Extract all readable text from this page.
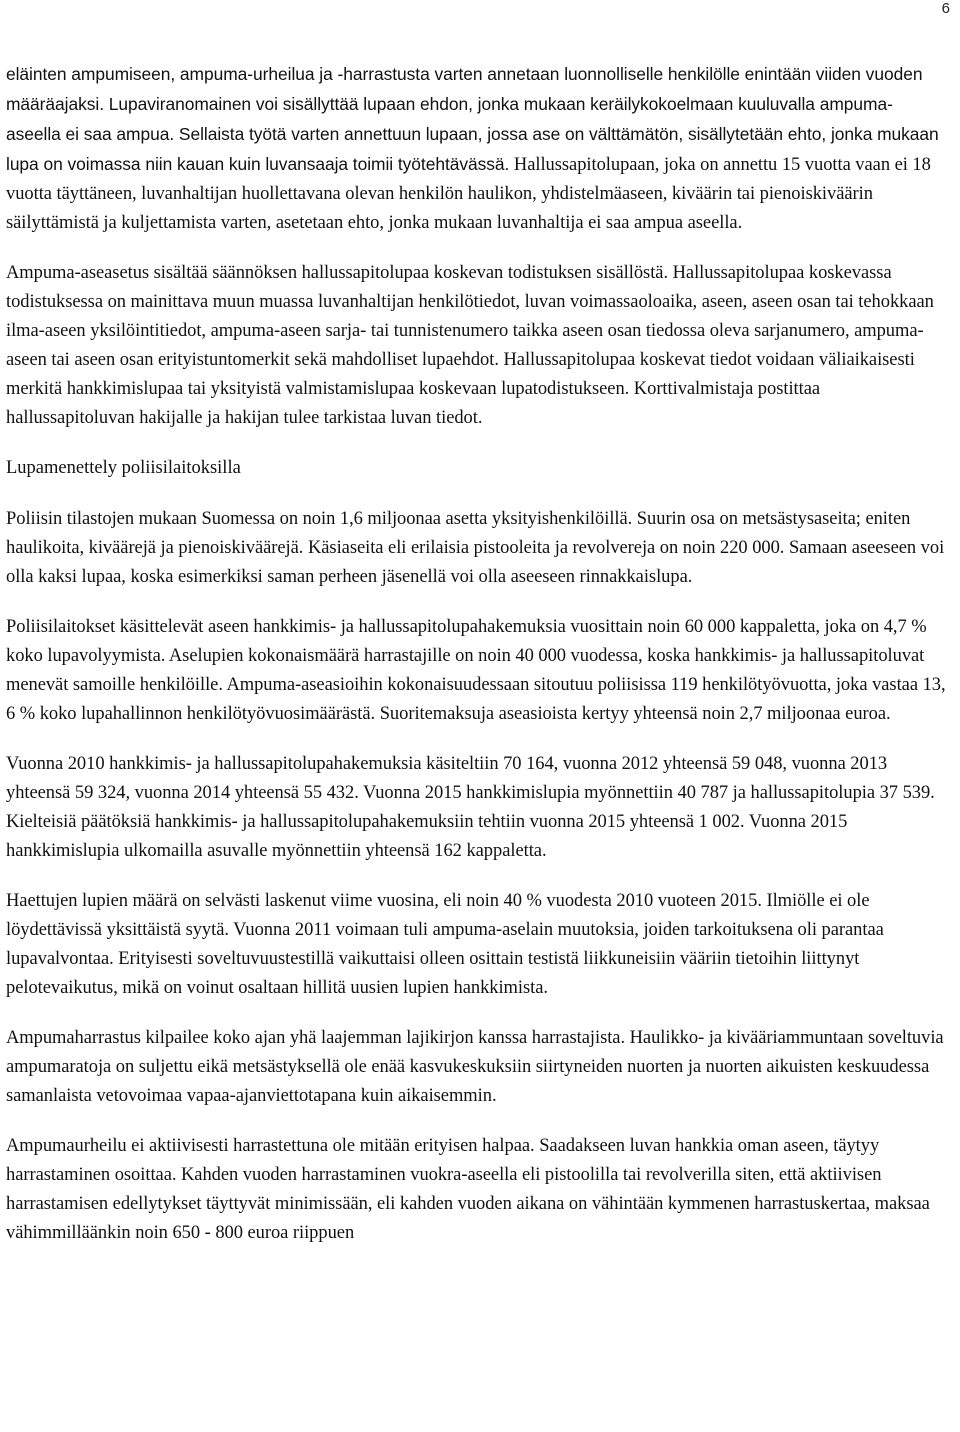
6

eläinten ampumiseen, ampuma-urheilua ja -harrastusta varten annetaan luonnolliselle henkilölle enintään viiden vuoden määräajaksi. Lupaviranomainen voi sisällyttää lupaan ehdon, jonka mukaan keräilykokoelmaan kuuluvalla ampuma-aseella ei saa ampua. Sellaista työtä varten annettuun lupaan, jossa ase on välttämätön, sisällytetään ehto, jonka mukaan lupa on voimassa niin kauan kuin luvansaaja toimii työtehtävässä. Hallussapitolupaan, joka on annettu 15 vuotta vaan ei 18 vuotta täyttäneen, luvanhaltijan huollettavana olevan henkilön haulikon, yhdistelmäaseen, kiväärin tai pienoiskiväärin säilyttämistä ja kuljettamista varten, asetetaan ehto, jonka mukaan luvanhaltija ei saa ampua aseella.

Ampuma-aseasetus sisältää säännöksen hallussapitolupaa koskevan todistuksen sisällöstä. Hallussapitolupaa koskevassa todistuksessa on mainittava muun muassa luvanhaltijan henkilötiedot, luvan voimassaoloaika, aseen, aseen osan tai tehokkaan ilma-aseen yksilöintitiedot, ampuma-aseen sarja- tai tunnistenumero taikka aseen osan tiedossa oleva sarjanumero, ampuma-aseen tai aseen osan erityistuntomerkit sekä mahdolliset lupaehdot. Hallussapitolupaa koskevat tiedot voidaan väliaikaisesti merkitä hankkimislupaa tai yksityistä valmistamislupaa koskevaan lupatodistukseen. Korttivalmistaja postittaa hallussapitoluvan hakijalle ja hakijan tulee tarkistaa luvan tiedot.

Lupamenettely poliisilaitoksilla

Poliisin tilastojen mukaan Suomessa on noin 1,6 miljoonaa asetta yksityishenkilöillä. Suurin osa on metsästysaseita; eniten haulikoita, kiväärejä ja pienoiskiväärejä. Käsiaseita eli erilaisia pistooleita ja revolvereja on noin 220 000. Samaan aseeseen voi olla kaksi lupaa, koska esimerkiksi saman perheen jäsenellä voi olla aseeseen rinnakkaislupa.

Poliisilaitokset käsittelevät aseen hankkimis- ja hallussapitolupahakemuksia vuosittain noin 60 000 kappaletta, joka on 4,7 % koko lupavolyymista. Aselupien kokonaismäärä harrastajille on noin 40 000 vuodessa, koska hankkimis- ja hallussapitoluvat menevät samoille henkilöille. Ampuma-aseasioihin kokonaisuudessaan sitoutuu poliisissa 119 henkilötyövuotta, joka vastaa 13, 6 % koko lupahallinnon henkilötyövuosimäärästä. Suoritemaksuja aseasioista kertyy yhteensä noin 2,7 miljoonaa euroa.

Vuonna 2010 hankkimis- ja hallussapitolupahakemuksia käsiteltiin 70 164, vuonna 2012 yhteensä 59 048, vuonna 2013 yhteensä 59 324, vuonna 2014 yhteensä 55 432. Vuonna 2015 hankkimislupia myönnettiin 40 787 ja hallussapitolupia 37 539. Kielteisiä päätöksiä hankkimis- ja hallussapitolupahakemuksiin tehtiin vuonna 2015 yhteensä 1 002. Vuonna 2015 hankkimislupia ulkomailla asuvalle myönnettiin yhteensä 162 kappaletta.

Haettujen lupien määrä on selvästi laskenut viime vuosina, eli noin 40 % vuodesta 2010 vuoteen 2015. Ilmiölle ei ole löydettävissä yksittäistä syytä. Vuonna 2011 voimaan tuli ampuma-aselain muutoksia, joiden tarkoituksena oli parantaa lupavalvontaa. Erityisesti soveltuvuustestillä vaikuttaisi olleen osittain testistä liikkuneisiin vääriin tietoihin liittynyt pelotevaikutus, mikä on voinut osaltaan hillitä uusien lupien hankkimista.

Ampumaharrastus kilpailee koko ajan yhä laajemman lajikirjon kanssa harrastajista. Haulikko- ja kivääriammuntaan soveltuvia ampumaratoja on suljettu eikä metsästyksellä ole enää kasvukeskuksiin siirtyneiden nuorten ja nuorten aikuisten keskuudessa samanlaista vetovoimaa vapaa-ajanviettotapana kuin aikaisemmin.

Ampumaurheilu ei aktiivisesti harrastettuna ole mitään erityisen halpaa. Saadakseen luvan hankkia oman aseen, täytyy harrastaminen osoittaa. Kahden vuoden harrastaminen vuokra-aseella eli pistoolilla tai revolverilla siten, että aktiivisen harrastamisen edellytykset täyttyvät minimissään, eli kahden vuoden aikana on vähintään kymmenen harrastuskertaa, maksaa vähimmilläänkin noin 650 - 800 euroa riippuen
